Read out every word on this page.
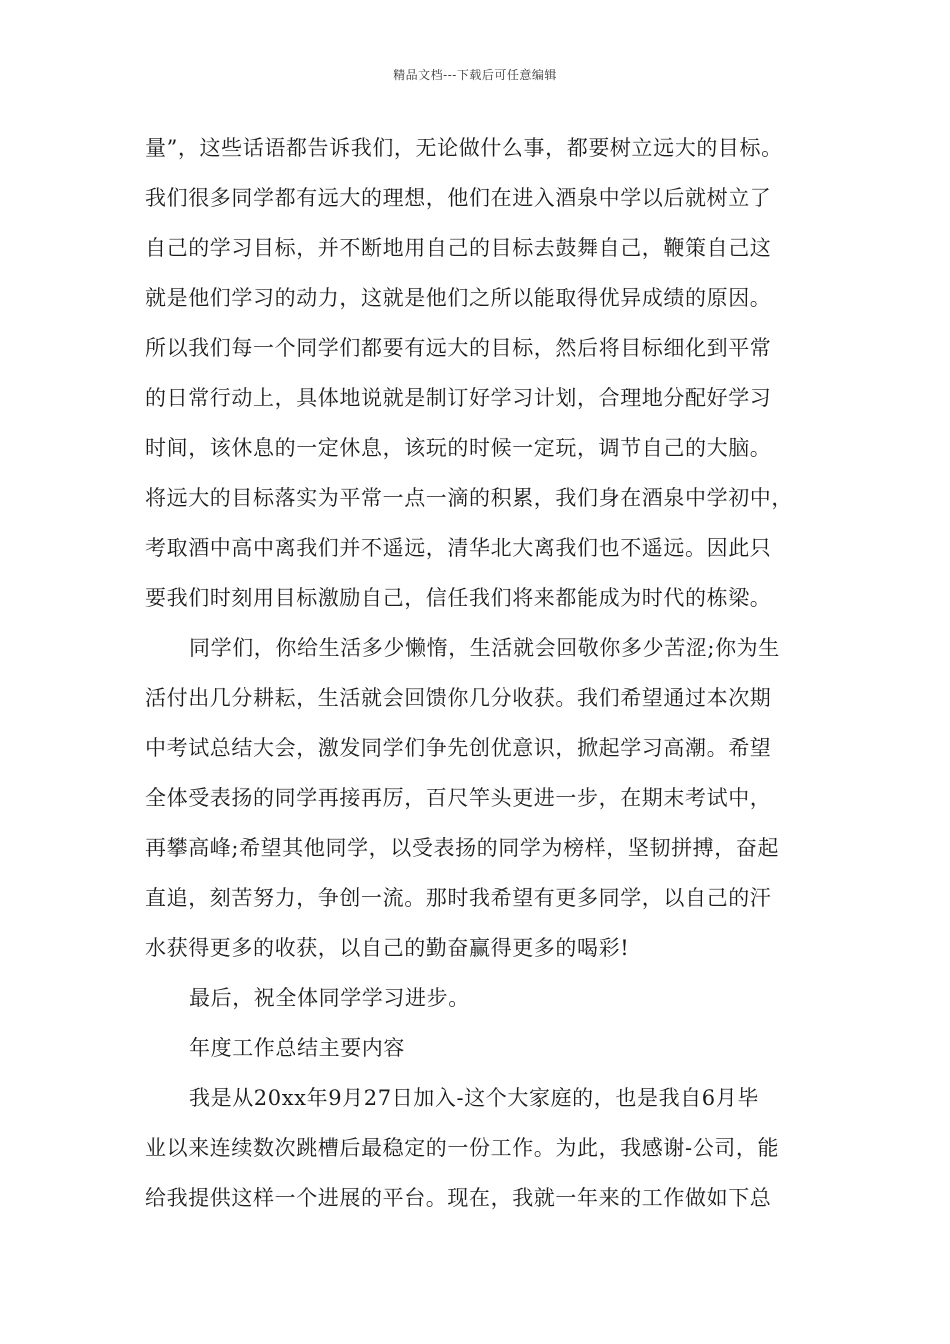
精品文档---下载后可任意编辑
量”，这些话语都告诉我们，无论做什么事，都要树立远大的目标。
我们很多同学都有远大的理想，他们在进入酒泉中学以后就树立了
自己的学习目标，并不断地用自己的目标去鼓舞自己，鞭策自己这
就是他们学习的动力，这就是他们之所以能取得优异成绩的原因。
所以我们每一个同学们都要有远大的目标，然后将目标细化到平常
的日常行动上，具体地说就是制订好学习计划，合理地分配好学习
时间，该休息的一定休息，该玩的时候一定玩，调节自己的大脑。
将远大的目标落实为平常一点一滴的积累，我们身在酒泉中学初中，
考取酒中高中离我们并不遥远，清华北大离我们也不遥远。因此只
要我们时刻用目标激励自己，信任我们将来都能成为时代的栋梁。
同学们，你给生活多少懒惰，生活就会回敬你多少苦涩;你为生
活付出几分耕耘，生活就会回馈你几分收获。我们希望通过本次期
中考试总结大会，激发同学们争先创优意识，掀起学习高潮。希望
全体受表扬的同学再接再厉，百尺竿头更进一步，在期末考试中，
再攀高峰;希望其他同学，以受表扬的同学为榜样，坚韧拼搏，奋起
直追，刻苦努力，争创一流。那时我希望有更多同学，以自己的汗
水获得更多的收获，以自己的勤奋赢得更多的喝彩!
最后，祝全体同学学习进步。
年度工作总结主要内容
我是从20xx年9月27日加入-这个大家庭的，也是我自6月毕
业以来连续数次跳槽后最稳定的一份工作。为此，我感谢-公司，能
给我提供这样一个进展的平台。现在，我就一年来的工作做如下总
